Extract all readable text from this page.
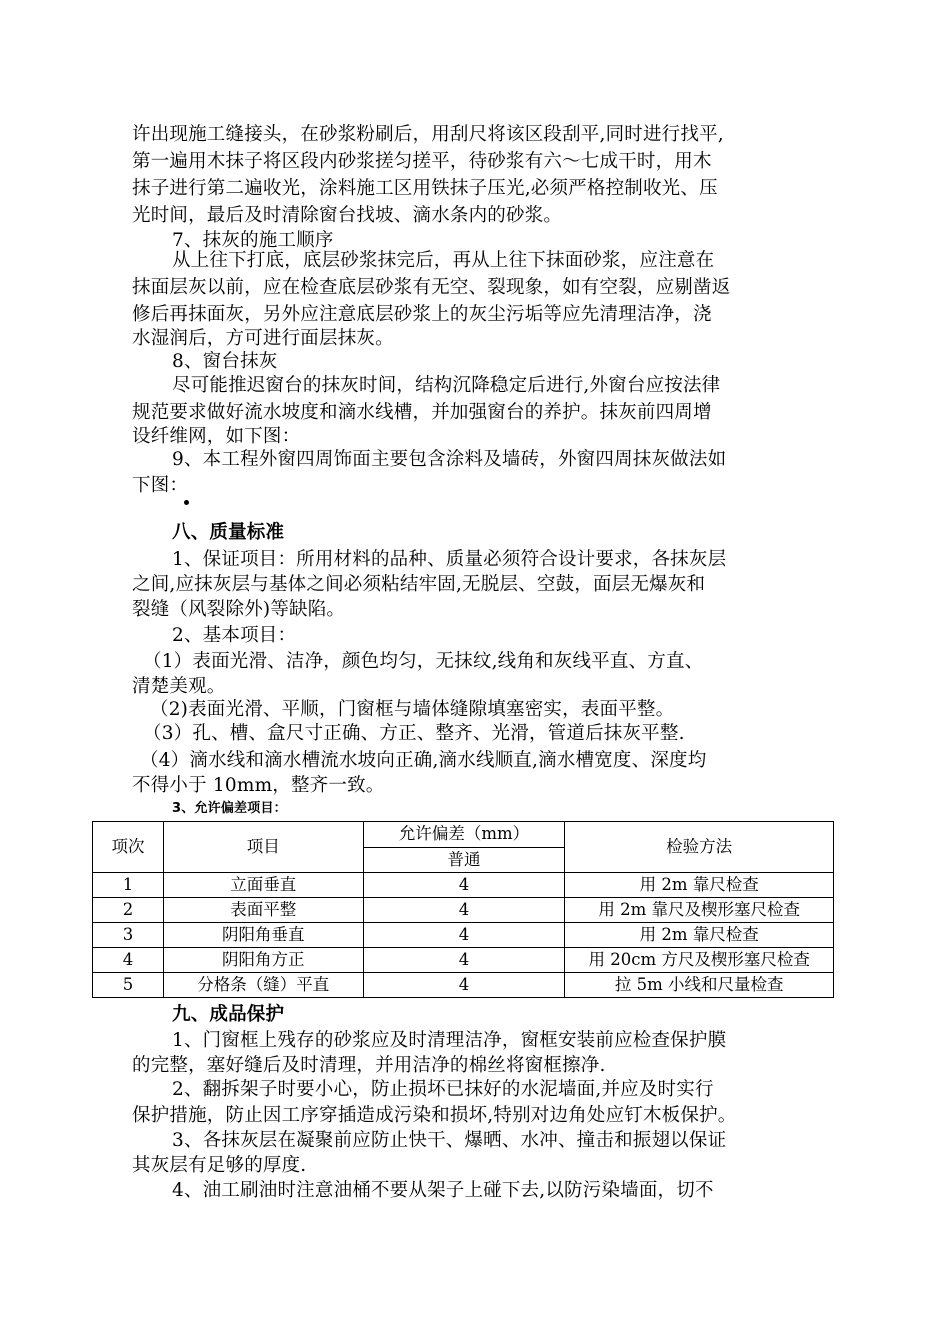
许出现施工缝接头，在砂浆粉刷后，用刮尺将该区段刮平,同时进行找平,
第一遍用木抹子将区段内砂浆搓匀搓平，待砂浆有六～七成干时，用木
抹子进行第二遍收光，涂料施工区用铁抹子压光,必须严格控制收光、压
光时间，最后及时清除窗台找坡、滴水条内的砂浆。
7、抹灰的施工顺序
从上往下打底，底层砂浆抹完后，再从上往下抹面砂浆，应注意在
抹面层灰以前，应在检查底层砂浆有无空、裂现象，如有空裂，应剔凿返
修后再抹面灰，另外应注意底层砂浆上的灰尘污垢等应先清理洁净，浇
水湿润后，方可进行面层抹灰。
8、窗台抹灰
尽可能推迟窗台的抹灰时间，结构沉降稳定后进行,外窗台应按法律
规范要求做好流水坡度和滴水线槽，并加强窗台的养护。抹灰前四周增
设纤维网，如下图：
9、本工程外窗四周饰面主要包含涂料及墙砖，外窗四周抹灰做法如
下图：
八、质量标准
1、保证项目：所用材料的品种、质量必须符合设计要求，各抹灰层
之间,应抹灰层与基体之间必须粘结牢固,无脱层、空鼓，面层无爆灰和
裂缝（风裂除外)等缺陷。
2、基本项目：
（1）表面光滑、洁净，颜色均匀，无抹纹,线角和灰线平直、方直、
清楚美观。
（2)表面光滑、平顺，门窗框与墙体缝隙填塞密实，表面平整。
（3）孔、槽、盒尺寸正确、方正、整齐、光滑，管道后抹灰平整.
（4）滴水线和滴水槽流水坡向正确,滴水线顺直,滴水槽宽度、深度均
不得小于 10mm，整齐一致。
3、允许偏差项目：
项次	项目	允许偏差（mm）	检验方法
		普通	
1	立面垂直	4	用 2m 靠尺检查
2	表面平整	4	用 2m 靠尺及楔形塞尺检查
3	阴阳角垂直	4	用 2m 靠尺检查
4	阴阳角方正	4	用 20cm 方尺及楔形塞尺检查
5	分格条（缝）平直	4	拉 5m 小线和尺量检查
九、成品保护
1、门窗框上残存的砂浆应及时清理洁净，窗框安装前应检查保护膜
的完整，塞好缝后及时清理，并用洁净的棉丝将窗框擦净.
2、翻拆架子时要小心，防止损坏已抹好的水泥墙面,并应及时实行
保护措施，防止因工序穿插造成污染和损坏,特别对边角处应钉木板保护。
3、各抹灰层在凝聚前应防止快干、爆晒、水冲、撞击和振翅以保证
其灰层有足够的厚度.
4、油工刷油时注意油桶不要从架子上碰下去,以防污染墙面，切不
